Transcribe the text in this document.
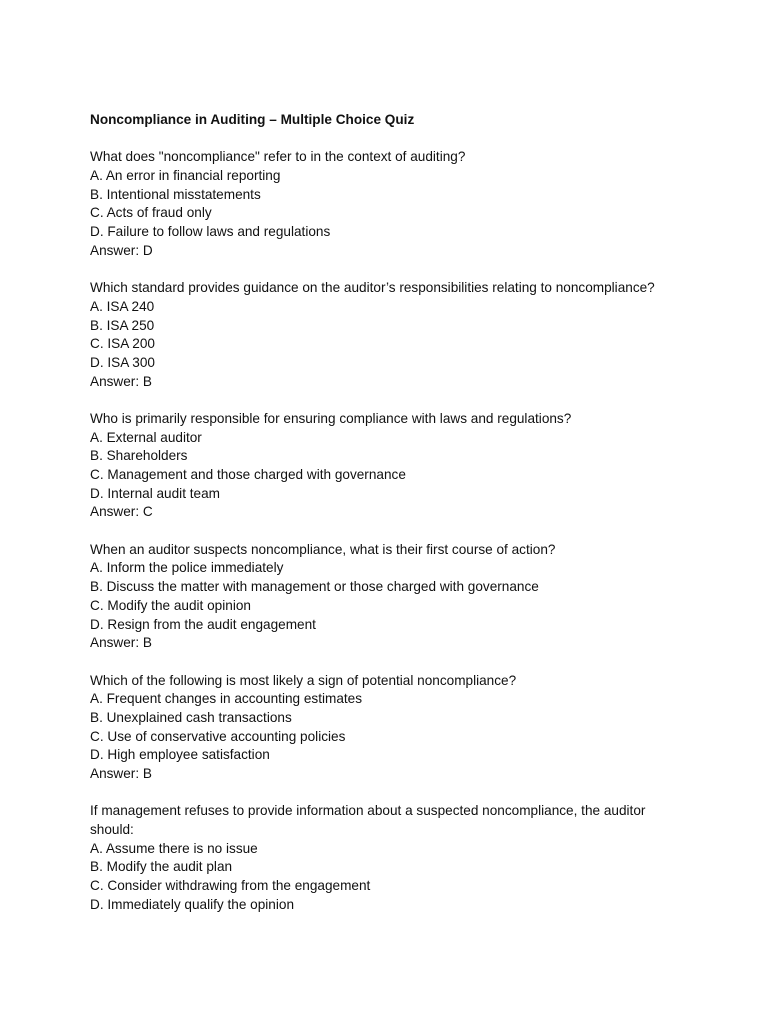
Noncompliance in Auditing – Multiple Choice Quiz
What does "noncompliance" refer to in the context of auditing?
A. An error in financial reporting
B. Intentional misstatements
C. Acts of fraud only
D. Failure to follow laws and regulations
Answer: D
Which standard provides guidance on the auditor’s responsibilities relating to noncompliance?
A. ISA 240
B. ISA 250
C. ISA 200
D. ISA 300
Answer: B
Who is primarily responsible for ensuring compliance with laws and regulations?
A. External auditor
B. Shareholders
C. Management and those charged with governance
D. Internal audit team
Answer: C
When an auditor suspects noncompliance, what is their first course of action?
A. Inform the police immediately
B. Discuss the matter with management or those charged with governance
C. Modify the audit opinion
D. Resign from the audit engagement
Answer: B
Which of the following is most likely a sign of potential noncompliance?
A. Frequent changes in accounting estimates
B. Unexplained cash transactions
C. Use of conservative accounting policies
D. High employee satisfaction
Answer: B
If management refuses to provide information about a suspected noncompliance, the auditor should:
A. Assume there is no issue
B. Modify the audit plan
C. Consider withdrawing from the engagement
D. Immediately qualify the opinion
